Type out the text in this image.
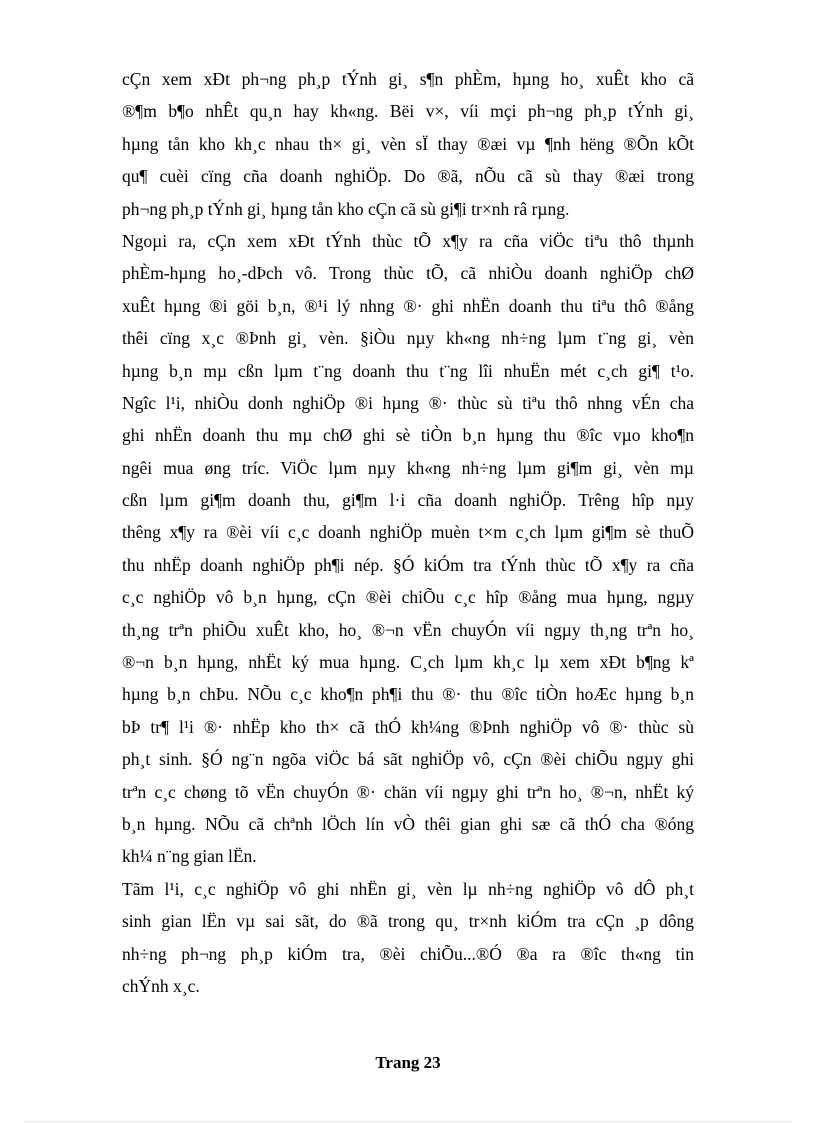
cÇn xem xÐt ph¬ng ph¸p tÝnh gi¸ s¶n phÈm, hµng ho¸ xuÊt kho cã
®¶m b¶o nhÊt qu¸n hay kh«ng. Bëi v×, víi mçi ph¬ng ph¸p tÝnh gi¸
hµng tån kho kh¸c nhau th× gi¸ vèn sÏ thay ®æi vµ ¶nh hëng ®Õn kÕt
qu¶ cuèi cïng cña doanh nghiÖp. Do ®ã, nÕu cã sù thay ®æi trong
ph¬ng ph¸p tÝnh gi¸ hµng tån kho cÇn cã sù gi¶i tr×nh râ rµng.
Ngoµi ra, cÇn xem xÐt tÝnh thùc tÕ x¶y ra cña viÖc tiªu thô thµnh
phÈm-hµng ho¸-dÞch vô. Trong thùc tÕ, cã nhiÒu doanh nghiÖp chØ
xuÊt hµng ®i göi b¸n, ®¹i lý nhng ®· ghi nhËn doanh thu tiªu thô ®ång
thêi cïng x¸c ®Þnh gi¸ vèn. §iÒu nµy kh«ng nh÷ng lµm t¨ng gi¸ vèn
hµng b¸n mµ cßn lµm t¨ng doanh thu t¨ng lîi nhuËn mét c¸ch gi¶ t¹o.
Ngîc l¹i, nhiÒu donh nghiÖp ®i hµng ®· thùc sù tiªu thô nhng vÉn cha
ghi nhËn doanh thu mµ chØ ghi sè tiÒn b¸n hµng thu ®îc vµo kho¶n
ngêi mua øng tríc. ViÖc lµm nµy kh«ng nh÷ng lµm gi¶m gi¸ vèn mµ
cßn lµm gi¶m doanh thu, gi¶m l·i cña doanh nghiÖp. Trêng hîp nµy
thêng x¶y ra ®èi víi c¸c doanh nghiÖp muèn t×m c¸ch lµm gi¶m sè thuÕ
thu nhËp doanh nghiÖp ph¶i nép. §Ó kiÓm tra tÝnh thùc tÕ x¶y ra cña
c¸c nghiÖp vô b¸n hµng, cÇn ®èi chiÕu c¸c hîp ®ång mua hµng, ngµy
th¸ng trªn phiÕu xuÊt kho, ho¸ ®¬n vËn chuyÓn víi ngµy th¸ng trªn ho¸
®¬n b¸n hµng, nhËt ký mua hµng. C¸ch lµm kh¸c lµ xem xÐt b¶ng kª
hµng b¸n chÞu. NÕu c¸c kho¶n ph¶i thu ®· thu ®îc tiÒn hoÆc hµng b¸n
bÞ tr¶ l¹i ®· nhËp kho th× cã thÓ kh¼ng ®Þnh nghiÖp vô ®· thùc sù
ph¸t sinh. §Ó ng¨n ngõa viÖc bá sãt nghiÖp vô, cÇn ®èi chiÕu ngµy ghi
trªn c¸c chøng tõ vËn chuyÓn ®· chän víi ngµy ghi trªn ho¸ ®¬n, nhËt ký
b¸n hµng. NÕu cã chªnh lÖch lín vÒ thêi gian ghi sæ cã thÓ cha ®óng
kh¼ n¨ng gian lËn.
Tãm l¹i, c¸c nghiÖp vô ghi nhËn gi¸ vèn lµ nh÷ng nghiÖp vô dÔ ph¸t
sinh gian lËn vµ sai sãt, do ®ã trong qu¸ tr×nh kiÓm tra cÇn ¸p dông
nh÷ng ph¬ng ph¸p kiÓm tra, ®èi chiÕu...®Ó ®a ra ®îc th«ng tin
chÝnh x¸c.
Trang 23
